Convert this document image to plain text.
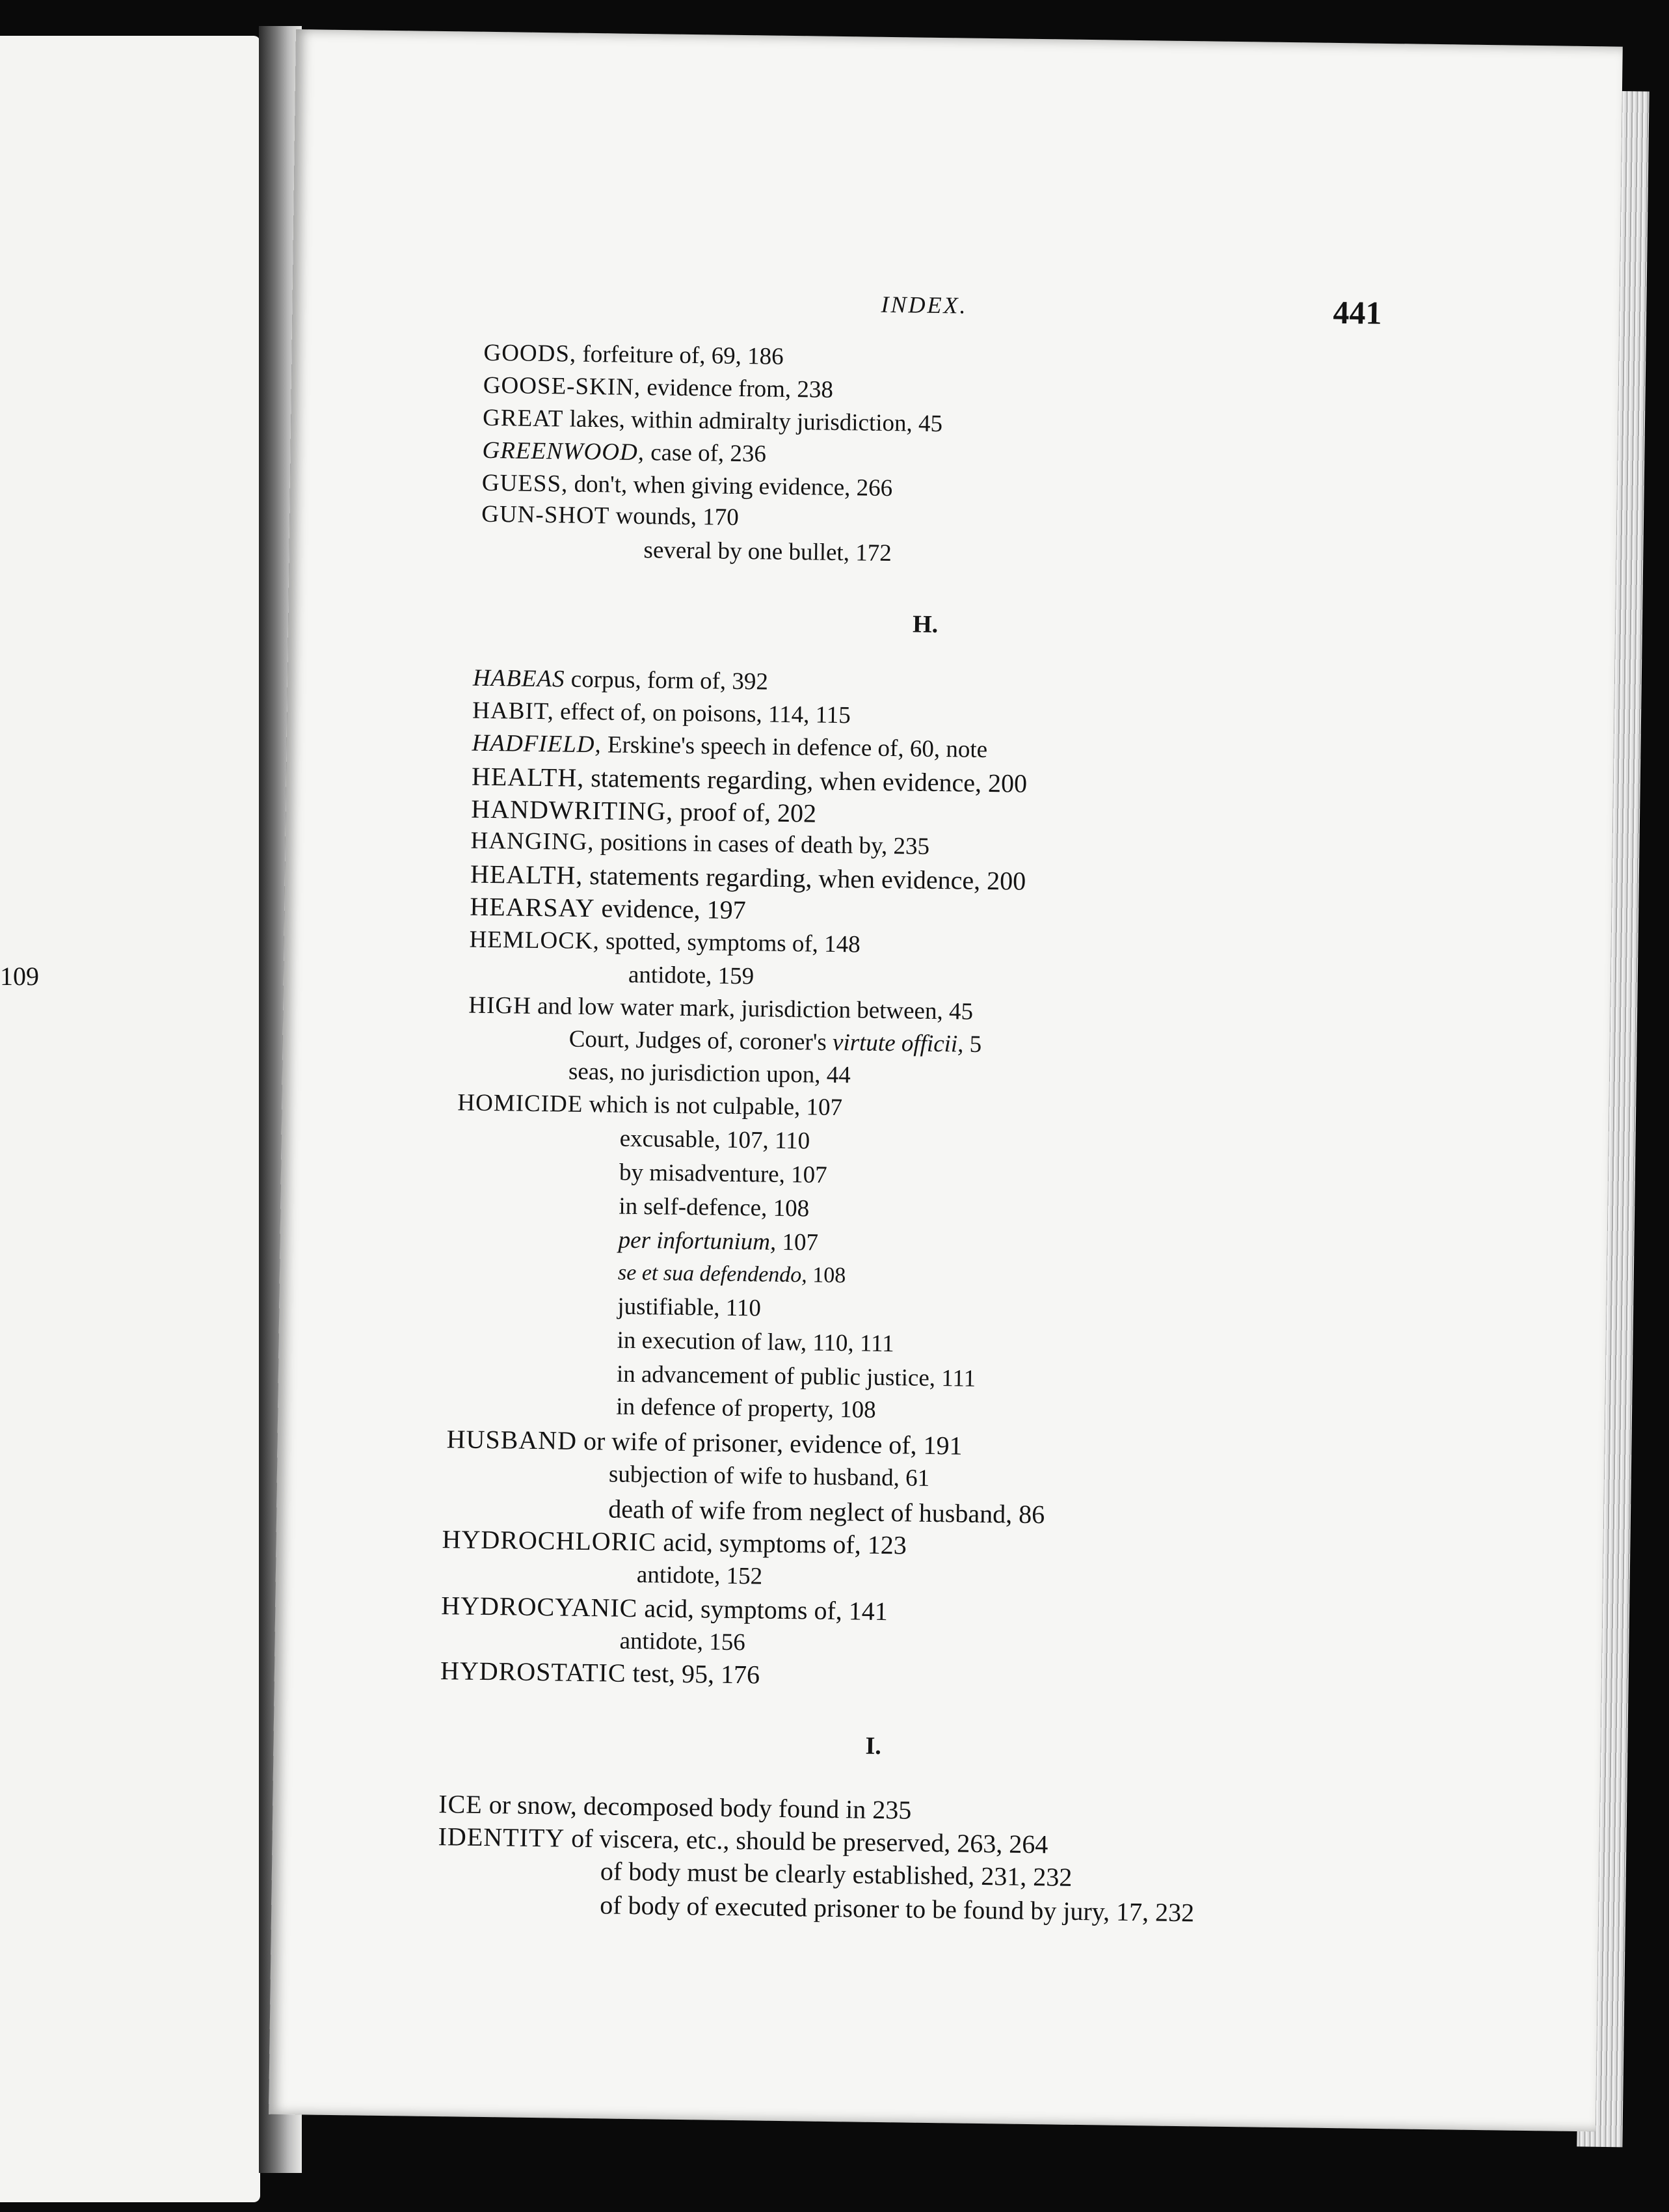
109
INDEX.	441
GOODS, forfeiture of, 69, 186
GOOSE-SKIN, evidence from, 238
GREAT lakes, within admiralty jurisdiction, 45
GREENWOOD, case of, 236
GUESS, don't, when giving evidence, 266
GUN-SHOT wounds, 170
several by one bullet, 172
H.
HABEAS corpus, form of, 392
HABIT, effect of, on poisons, 114, 115
HADFIELD, Erskine's speech in defence of, 60, note
HEALTH, statements regarding, when evidence, 200
HANDWRITING, proof of, 202
HANGING, positions in cases of death by, 235
HEALTH, statements regarding, when evidence, 200
HEARSAY evidence, 197
HEMLOCK, spotted, symptoms of, 148
antidote, 159
HIGH and low water mark, jurisdiction between, 45
Court, Judges of, coroner's virtute officii, 5
seas, no jurisdiction upon, 44
HOMICIDE which is not culpable, 107
excusable, 107, 110
by misadventure, 107
in self-defence, 108
per infortunium, 107
se et sua defendendo, 108
justifiable, 110
in execution of law, 110, 111
in advancement of public justice, 111
in defence of property, 108
HUSBAND or wife of prisoner, evidence of, 191
subjection of wife to husband, 61
death of wife from neglect of husband, 86
HYDROCHLORIC acid, symptoms of, 123
antidote, 152
HYDROCYANIC acid, symptoms of, 141
antidote, 156
HYDROSTATIC test, 95, 176
I.
ICE or snow, decomposed body found in 235
IDENTITY of viscera, etc., should be preserved, 263, 264
of body must be clearly established, 231, 232
of body of executed prisoner to be found by jury, 17, 232
